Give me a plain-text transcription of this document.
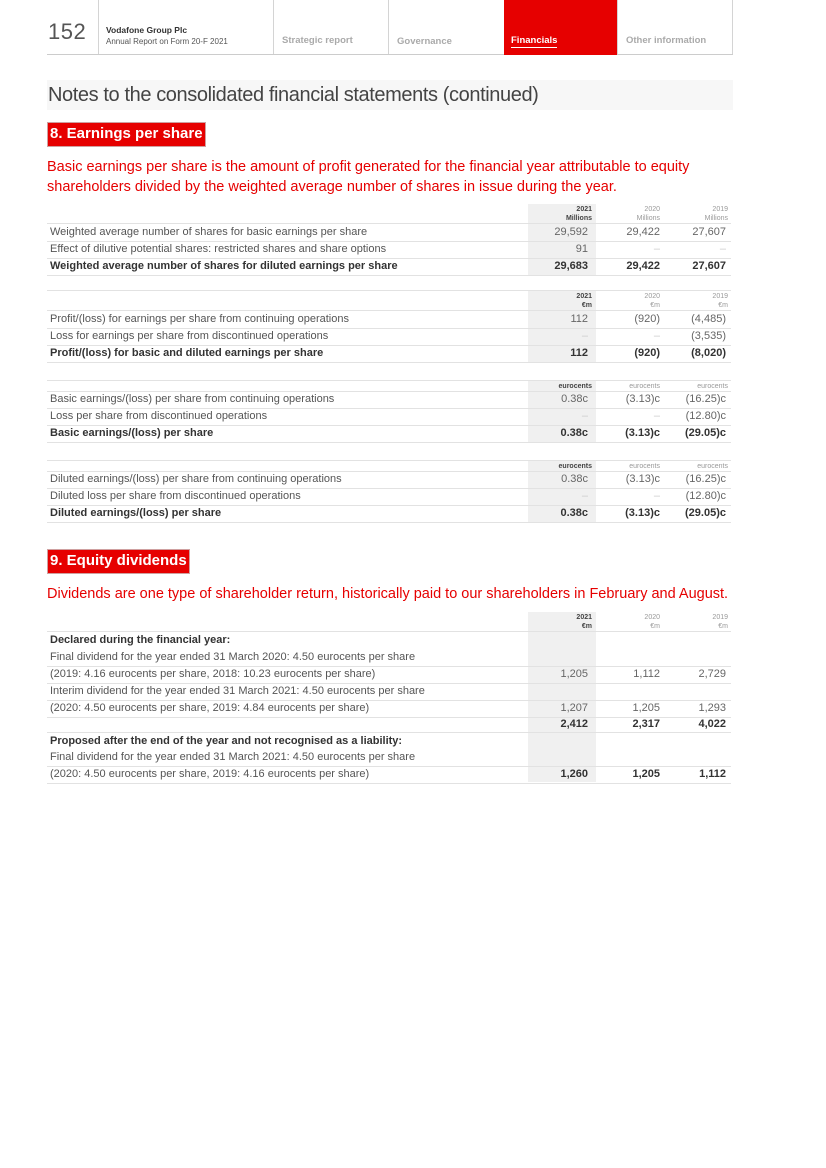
152 Vodafone Group Plc
Annual Report on Form 20-F 2021	Strategic report	Governance	Financials	Other information
Notes to the consolidated financial statements (continued)
8. Earnings per share
Basic earnings per share is the amount of profit generated for the financial year attributable to equity shareholders divided by the weighted average number of shares in issue during the year.
2021	2020	2019
Millions	Millions	Millions
Weighted average number of shares for basic earnings per share	29,592	29,422	27,607
Effect of dilutive potential shares: restricted shares and share options	91	–	–
Weighted average number of shares for diluted earnings per share	29,683	29,422	27,607
2021	2020	2019
€m	€m	€m
Profit/(loss) for earnings per share from continuing operations	112	(920)	(4,485)
Loss for earnings per share from discontinued operations	–	–	(3,535)
Profit/(loss) for basic and diluted earnings per share	112	(920)	(8,020)
eurocents	eurocents	eurocents
Basic earnings/(loss) per share from continuing operations	0.38c	(3.13)c	(16.25)c
Loss per share from discontinued operations	–	–	(12.80)c
Basic earnings/(loss) per share	0.38c	(3.13)c	(29.05)c
eurocents	eurocents	eurocents
Diluted earnings/(loss) per share from continuing operations	0.38c	(3.13)c	(16.25)c
Diluted loss per share from discontinued operations	–	–	(12.80)c
Diluted earnings/(loss) per share	0.38c	(3.13)c	(29.05)c
9. Equity dividends
Dividends are one type of shareholder return, historically paid to our shareholders in February and August.
2021	2020	2019
€m	€m	€m
Declared during the financial year:
Final dividend for the year ended 31 March 2020: 4.50 eurocents per share
(2019: 4.16 eurocents per share, 2018: 10.23 eurocents per share)	1,205	1,112	2,729
Interim dividend for the year ended 31 March 2021: 4.50 eurocents per share
(2020: 4.50 eurocents per share, 2019: 4.84 eurocents per share)	1,207	1,205	1,293
2,412	2,317	4,022
Proposed after the end of the year and not recognised as a liability:
Final dividend for the year ended 31 March 2021: 4.50 eurocents per share
(2020: 4.50 eurocents per share, 2019: 4.16 eurocents per share)	1,260	1,205	1,112
